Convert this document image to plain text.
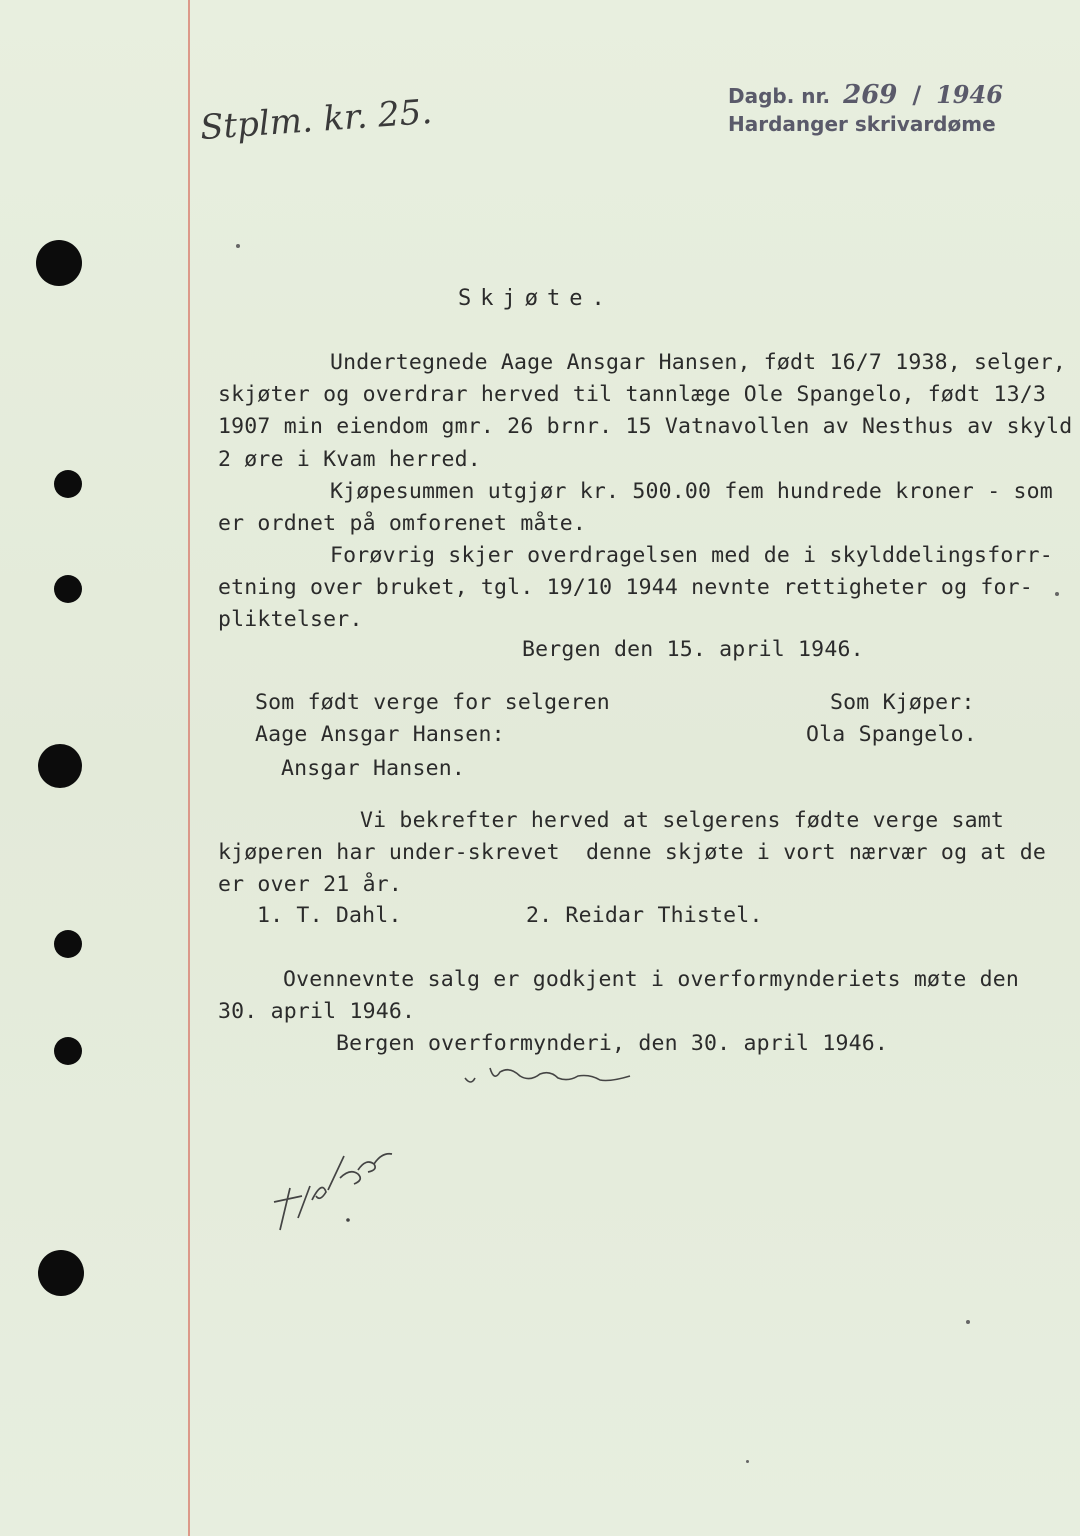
Dagb. nr. 269 / 1946
Hardanger skrivardøme
Stplm. kr. 25.
Skjøte.
Undertegnede Aage Ansgar Hansen, født 16/7 1938, selger,
skjøter og overdrar herved til tannlæge Ole Spangelo, født 13/3
1907 min eiendom gmr. 26 brnr. 15 Vatnavollen av Nesthus av skyld
2 øre i Kvam herred.
Kjøpesummen utgjør kr. 500.00 fem hundrede kroner - som
er ordnet på omforenet måte.
Forøvrig skjer overdragelsen med de i skylddelingsforr-
etning over bruket, tgl. 19/10 1944 nevnte rettigheter og for-
pliktelser.
Bergen den 15. april 1946.
Som født verge for selgeren
Aage Ansgar Hansen:
Ansgar Hansen.
Som Kjøper:
Ola Spangelo.
Vi bekrefter herved at selgerens fødte verge samt
kjøperen har under-skrevet  denne skjøte i vort nærvær og at de
er over 21 år.
1. T. Dahl.	2. Reidar Thistel.
Ovennevnte salg er godkjent i overformynderiets møte den
30. april 1946.
Bergen overformynderi, den 30. april 1946.
